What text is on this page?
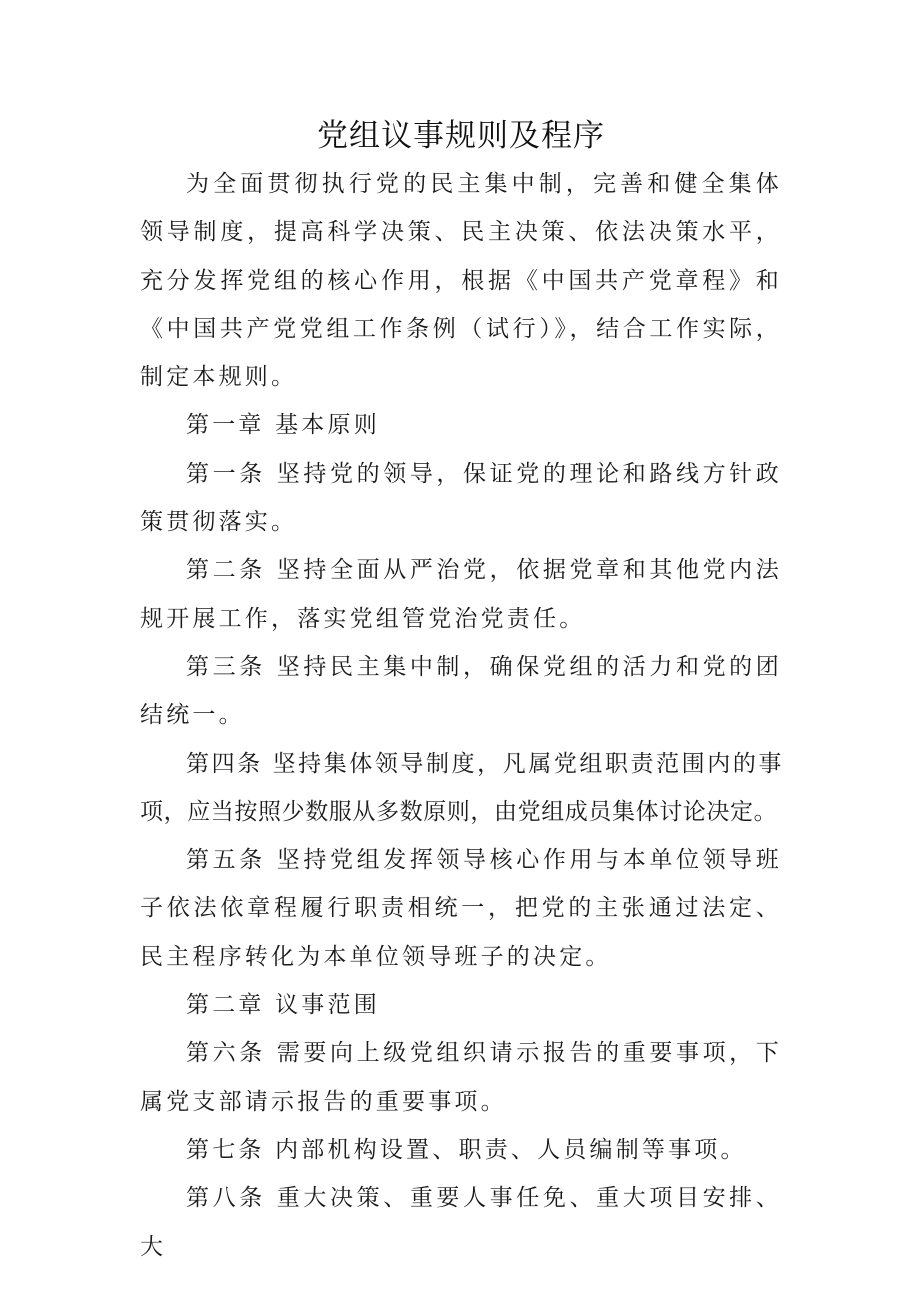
党组议事规则及程序

为全面贯彻执行党的民主集中制，完善和健全集体领导制度，提高科学决策、民主决策、依法决策水平，充分发挥党组的核心作用，根据《中国共产党章程》和《中国共产党党组工作条例（试行）》，结合工作实际，制定本规则。

第一章 基本原则

第一条 坚持党的领导，保证党的理论和路线方针政策贯彻落实。

第二条 坚持全面从严治党，依据党章和其他党内法规开展工作，落实党组管党治党责任。

第三条 坚持民主集中制，确保党组的活力和党的团结统一。

第四条 坚持集体领导制度，凡属党组职责范围内的事项，应当按照少数服从多数原则，由党组成员集体讨论决定。

第五条 坚持党组发挥领导核心作用与本单位领导班子依法依章程履行职责相统一，把党的主张通过法定、民主程序转化为本单位领导班子的决定。

第二章 议事范围

第六条 需要向上级党组织请示报告的重要事项，下属党支部请示报告的重要事项。

第七条 内部机构设置、职责、人员编制等事项。

第八条 重大决策、重要人事任免、重大项目安排、大
